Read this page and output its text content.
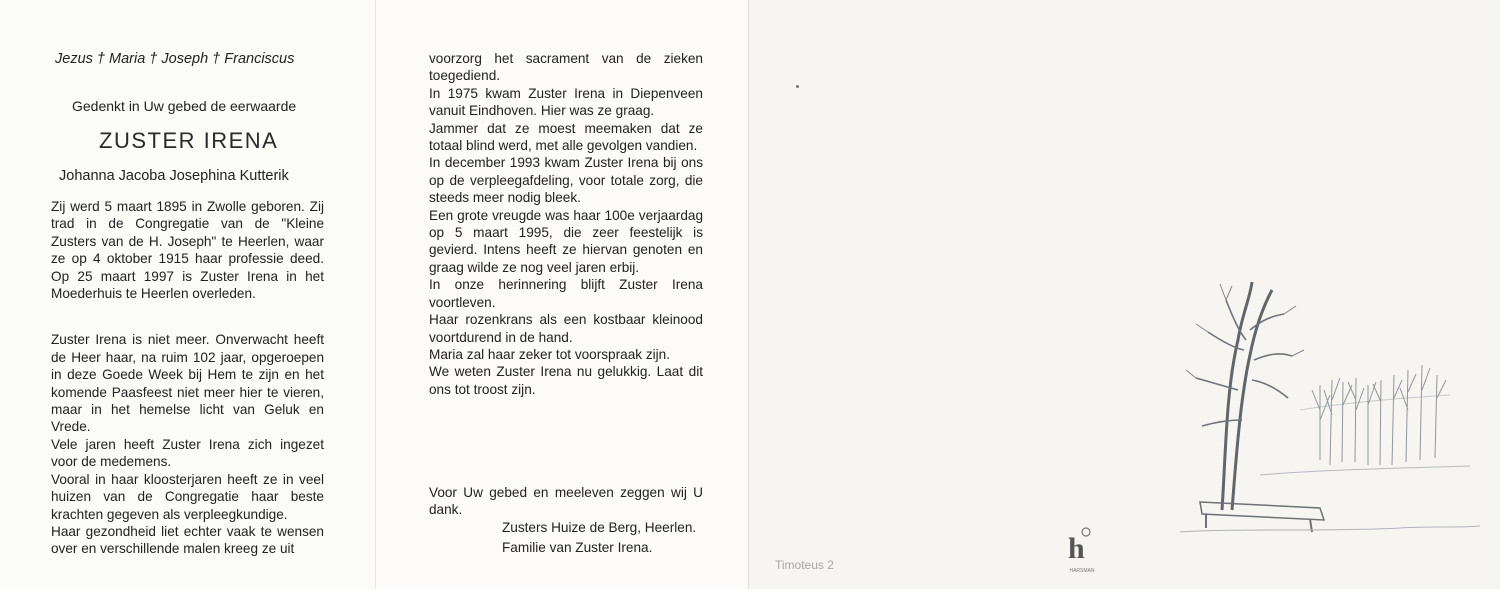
Jezus † Maria † Joseph † Franciscus
Gedenkt in Uw gebed de eerwaarde
ZUSTER IRENA
Johanna Jacoba Josephina Kutterik

Zij werd 5 maart 1895 in Zwolle geboren. Zij trad in de Congregatie van de "Kleine Zusters van de H. Joseph" te Heerlen, waar ze op 4 oktober 1915 haar professie deed. Op 25 maart 1997 is Zuster Irena in het Moederhuis te Heerlen overleden.

Zuster Irena is niet meer. Onverwacht heeft de Heer haar, na ruim 102 jaar, opgeroepen in deze Goede Week bij Hem te zijn en het komende Paasfeest niet meer hier te vieren, maar in het hemelse licht van Geluk en Vrede.

Vele jaren heeft Zuster Irena zich ingezet voor de medemens.

Vooral in haar kloosterjaren heeft ze in veel huizen van de Congregatie haar beste krachten gegeven als verpleegkundige.

Haar gezondheid liet echter vaak te wensen over en verschillende malen kreeg ze uit

voorzorg het sacrament van de zieken toegediend.

In 1975 kwam Zuster Irena in Diepenveen vanuit Eindhoven. Hier was ze graag.

Jammer dat ze moest meemaken dat ze totaal blind werd, met alle gevolgen vandien.

In december 1993 kwam Zuster Irena bij ons op de verpleegafdeling, voor totale zorg, die steeds meer nodig bleek.

Een grote vreugde was haar 100e verjaardag op 5 maart 1995, die zeer feestelijk is gevierd. Intens heeft ze hiervan genoten en graag wilde ze nog veel jaren erbij.

In onze herinnering blijft Zuster Irena voortleven.

Haar rozenkrans als een kostbaar kleinood voortdurend in de hand.

Maria zal haar zeker tot voorspraak zijn.

We weten Zuster Irena nu gelukkig. Laat dit ons tot troost zijn.

Voor Uw gebed en meeleven zeggen wij U dank.

Zusters Huize de Berg, Heerlen.
Familie van Zuster Irena.	h
HARSMAN
Timoteus 2
